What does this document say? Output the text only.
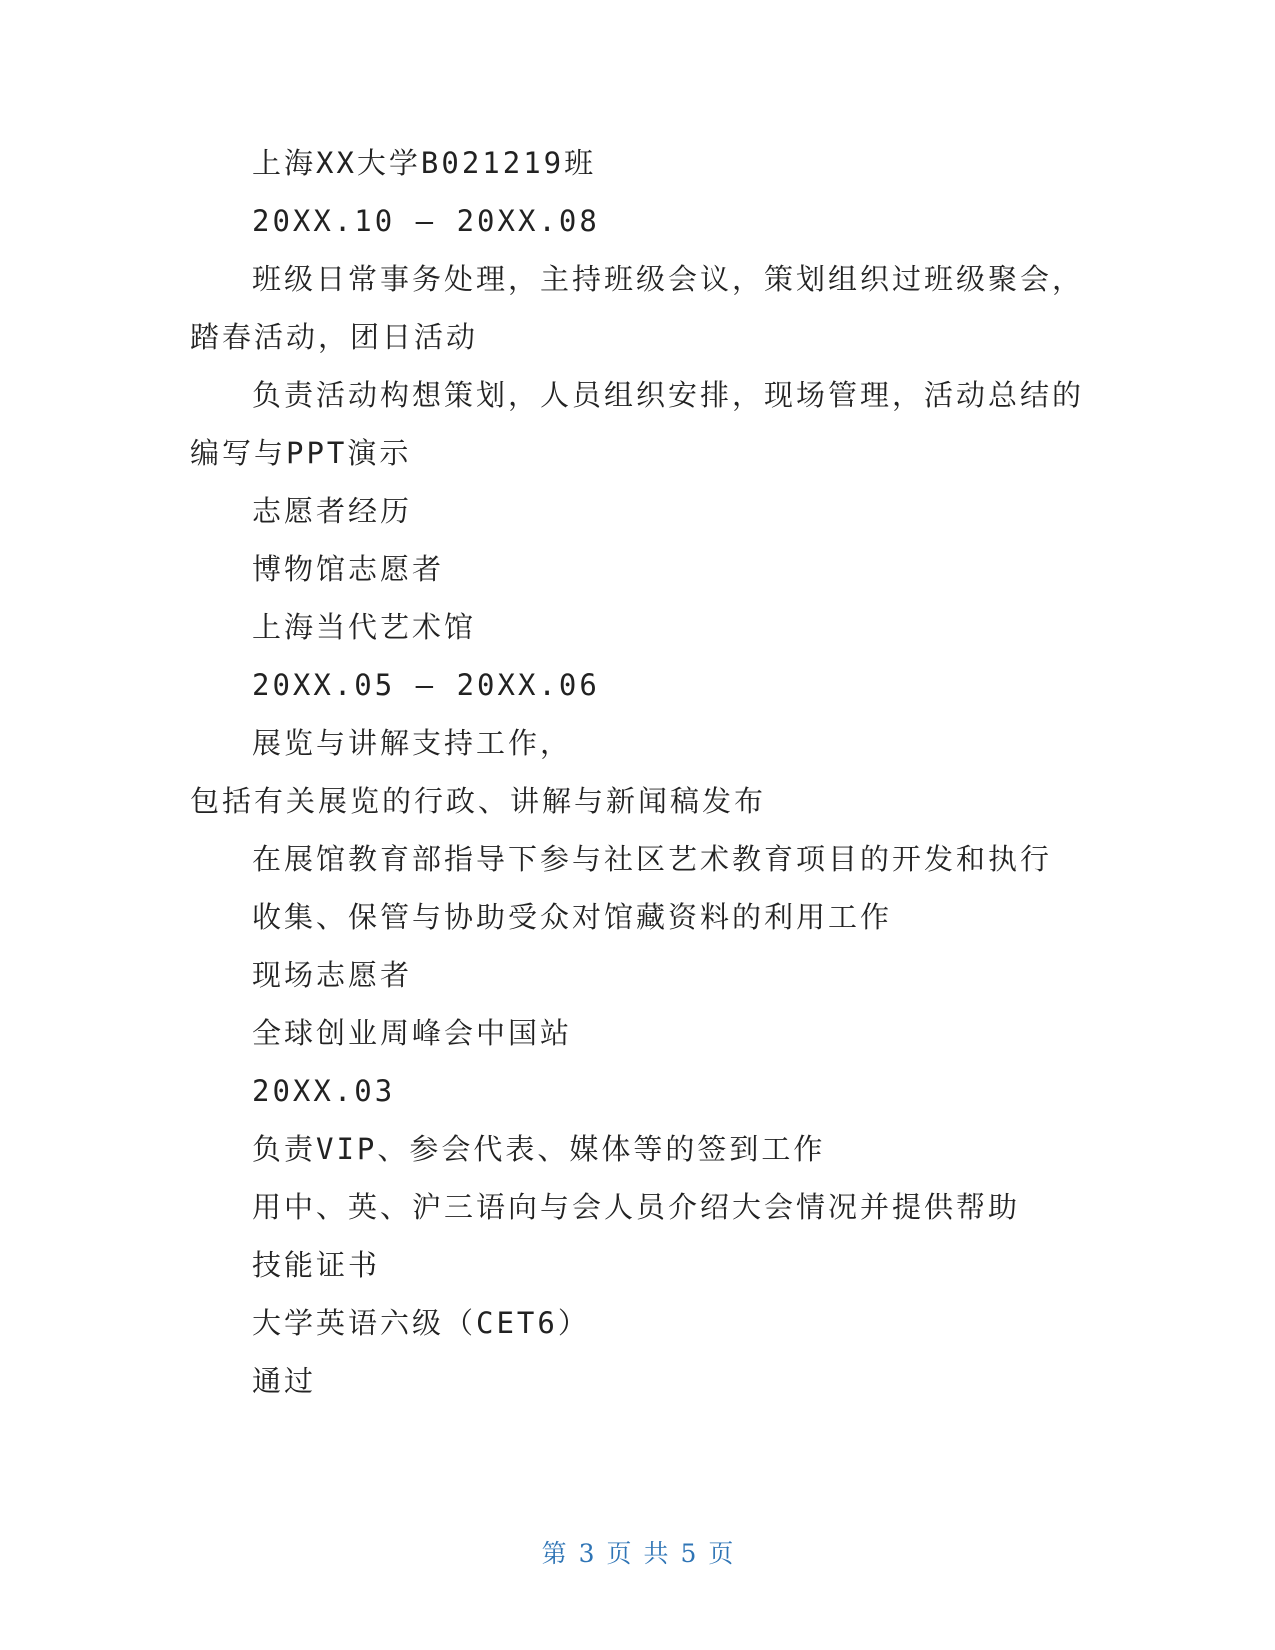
上海XX大学B021219班
20XX.10 – 20XX.08
班级日常事务处理，主持班级会议，策划组织过班级聚会，
踏春活动，团日活动
负责活动构想策划，人员组织安排，现场管理，活动总结的
编写与PPT演示
志愿者经历
博物馆志愿者
上海当代艺术馆
20XX.05 – 20XX.06
展览与讲解支持工作，
包括有关展览的行政、讲解与新闻稿发布
在展馆教育部指导下参与社区艺术教育项目的开发和执行
收集、保管与协助受众对馆藏资料的利用工作
现场志愿者
全球创业周峰会中国站
20XX.03
负责VIP、参会代表、媒体等的签到工作
用中、英、沪三语向与会人员介绍大会情况并提供帮助
技能证书
大学英语六级（CET6）
通过
第 3 页 共 5 页
